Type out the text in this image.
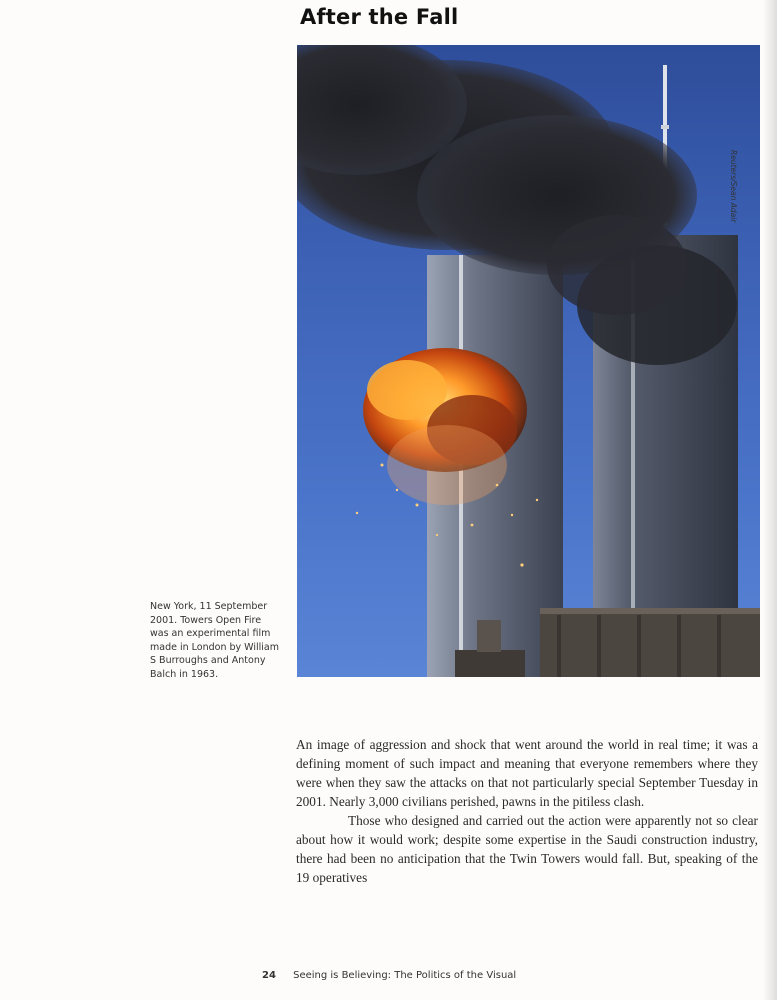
After the Fall
Reuters/Sean Adair
New York, 11 September 2001. Towers Open Fire was an experimental film made in London by William S Burroughs and Antony Balch in 1963.

An image of aggression and shock that went around the world in real time; it was a defining moment of such impact and meaning that everyone remembers where they were when they saw the attacks on that not particularly special September Tuesday in 2001. Nearly 3,000 civilians perished, pawns in the pitiless clash.

Those who designed and carried out the action were apparently not so clear about how it would work; despite some expertise in the Saudi construction industry, there had been no anticipation that the Twin Towers would fall. But, speaking of the 19 operatives

24 Seeing is Believing: The Politics of the Visual
